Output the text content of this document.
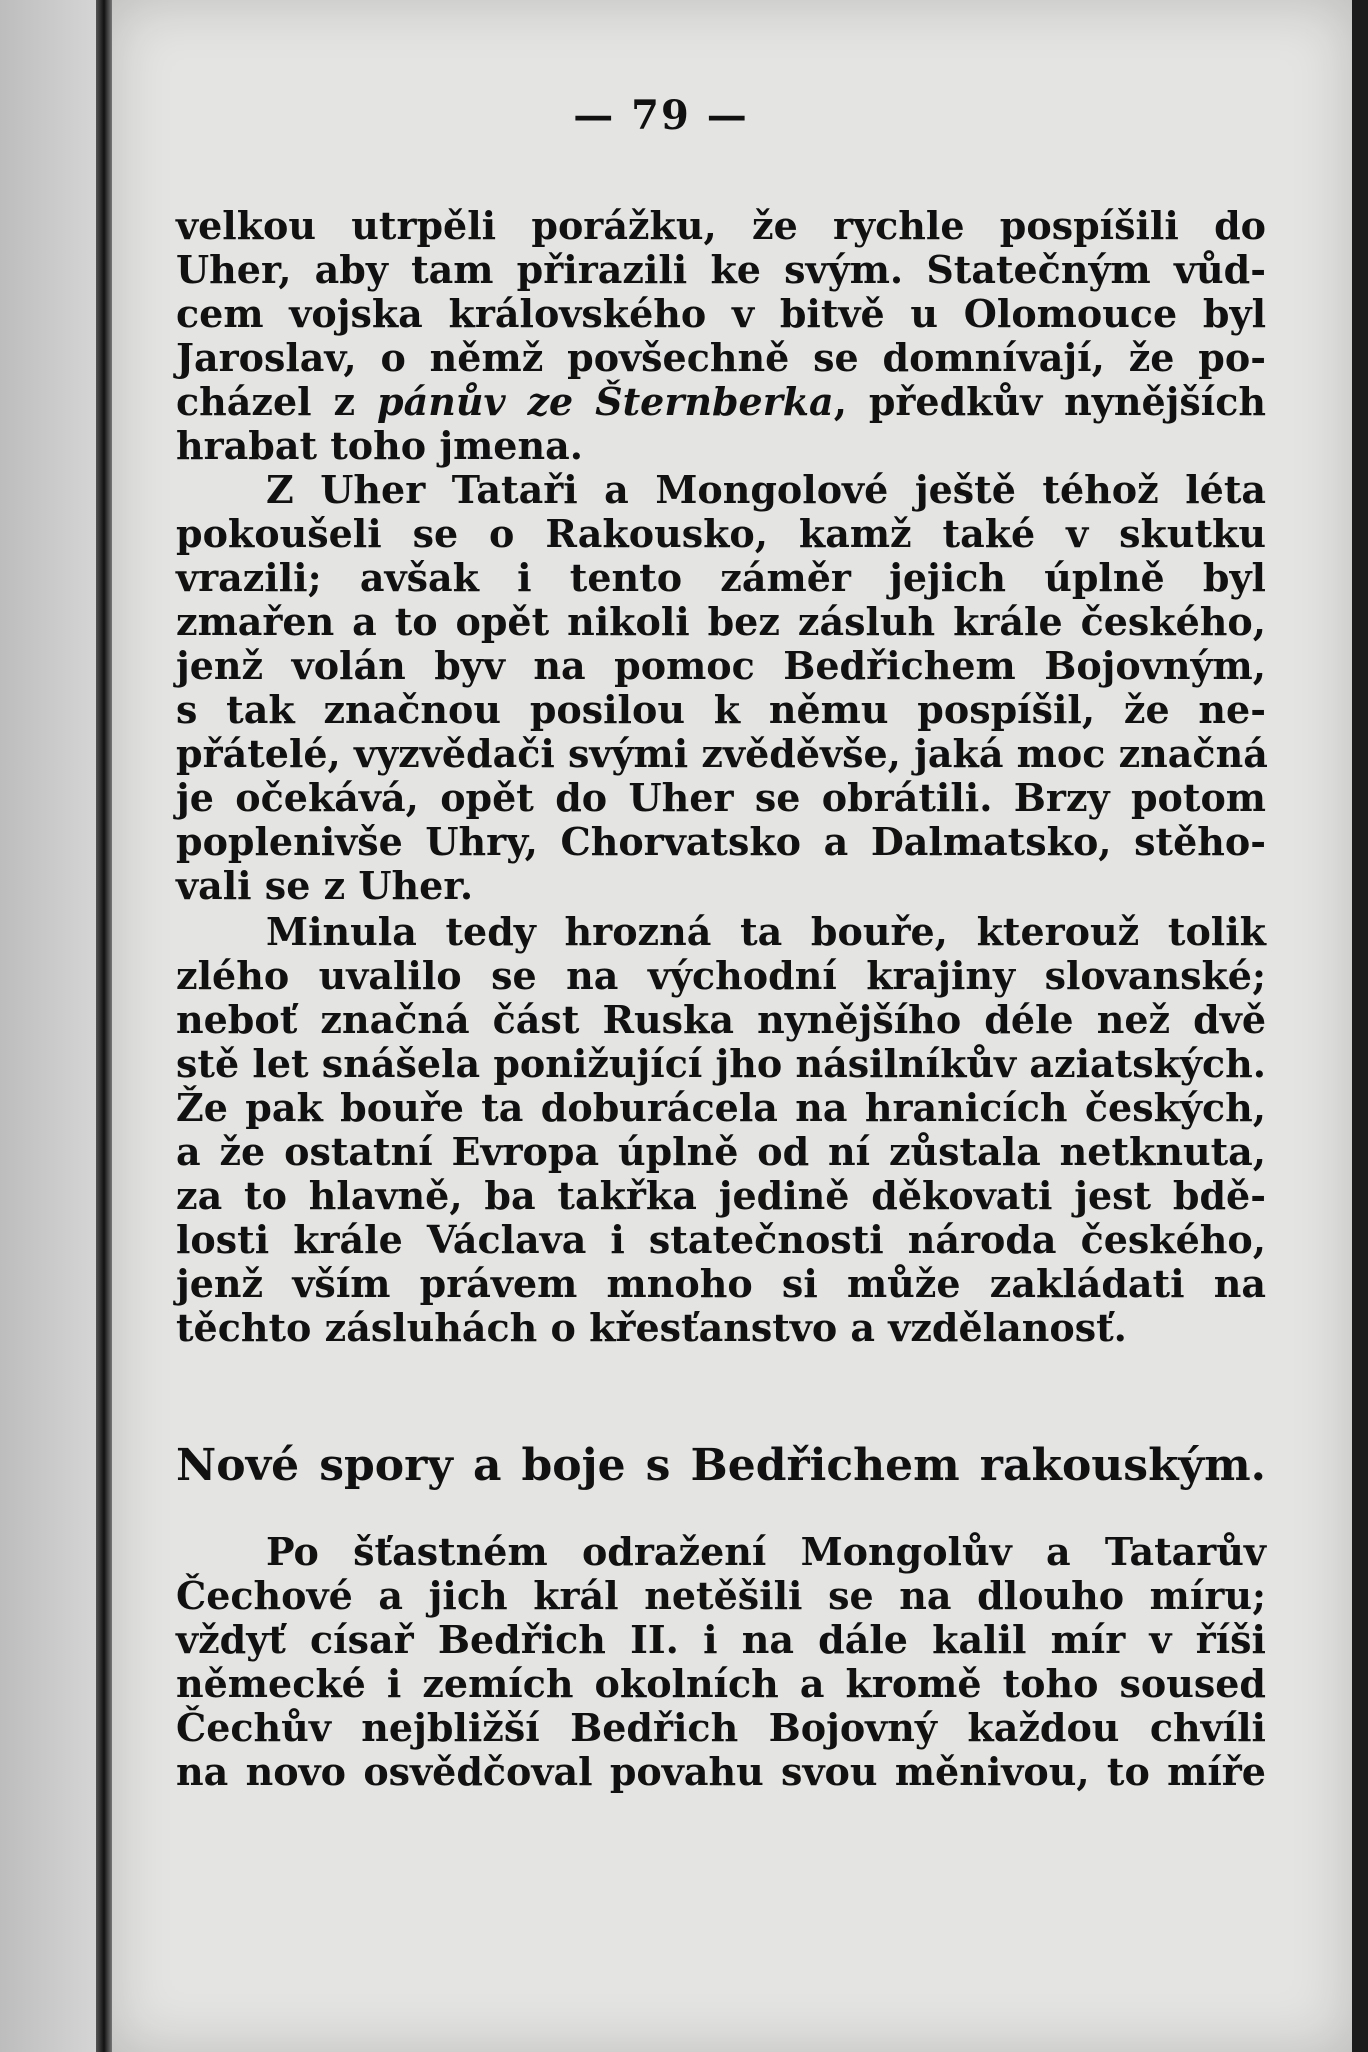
— 79 —
velkou utrpěli porážku, že rychle pospíšili do
Uher, aby tam přirazili ke svým. Statečným vůd-
cem vojska královského v bitvě u Olomouce byl
Jaroslav, o němž povšechně se domnívají, že po-
cházel z pánův ze Šternberka, předkův nynějších
hrabat toho jmena.
Z Uher Tataři a Mongolové ještě téhož léta
pokoušeli se o Rakousko, kamž také v skutku
vrazili; avšak i tento záměr jejich úplně byl
zmařen a to opět nikoli bez zásluh krále českého,
jenž volán byv na pomoc Bedřichem Bojovným,
s tak značnou posilou k němu pospíšil, že ne-
přátelé, vyzvědači svými zvěděvše, jaká moc značná
je očekává, opět do Uher se obrátili. Brzy potom
poplenivše Uhry, Chorvatsko a Dalmatsko, stěho-
vali se z Uher.
Minula tedy hrozná ta bouře, kterouž tolik
zlého uvalilo se na východní krajiny slovanské;
neboť značná část Ruska nynějšího déle než dvě
stě let snášela ponižující jho násilníkův aziatských.
Že pak bouře ta doburácela na hranicích českých,
a že ostatní Evropa úplně od ní zůstala netknuta,
za to hlavně, ba takřka jedině děkovati jest bdě-
losti krále Václava i statečnosti národa českého,
jenž vším právem mnoho si může zakládati na
těchto zásluhách o křesťanstvo a vzdělanosť.
Nové spory a boje s Bedřichem rakouským.
Po šťastném odražení Mongolův a Tatarův
Čechové a jich král netěšili se na dlouho míru;
vždyť císař Bedřich II. i na dále kalil mír v říši
německé i zemích okolních a kromě toho soused
Čechův nejbližší Bedřich Bojovný každou chvíli
na novo osvědčoval povahu svou měnivou, to míře
